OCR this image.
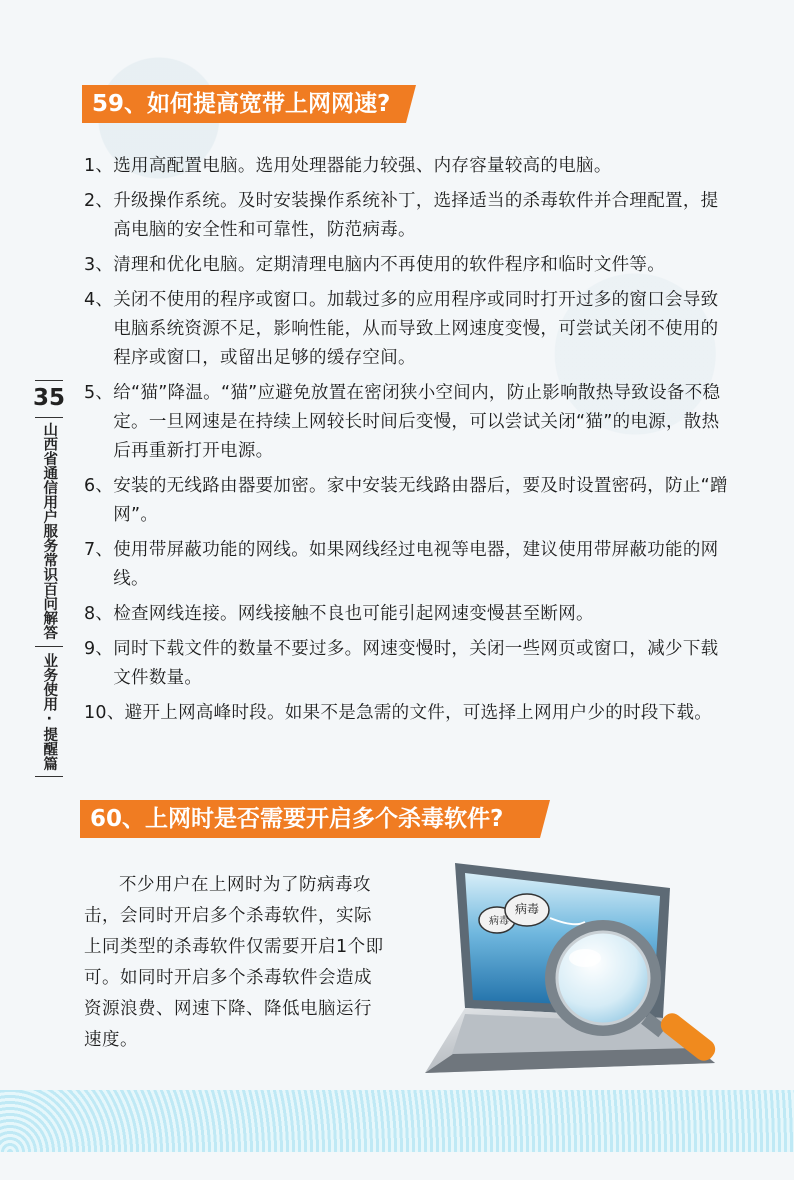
35
山西省通信用户服务常识百问解答
业务使用·提醒篇
59、如何提高宽带上网网速?
1、 选用高配置电脑。选用处理器能力较强、内存容量较高的电脑。
2、 升级操作系统。及时安装操作系统补丁，选择适当的杀毒软件并合理配置，提高电脑的安全性和可靠性，防范病毒。
3、 清理和优化电脑。定期清理电脑内不再使用的软件程序和临时文件等。
4、 关闭不使用的程序或窗口。加载过多的应用程序或同时打开过多的窗口会导致电脑系统资源不足，影响性能，从而导致上网速度变慢，可尝试关闭不使用的程序或窗口，或留出足够的缓存空间。
5、 给“猫”降温。“猫”应避免放置在密闭狭小空间内，防止影响散热导致设备不稳定。一旦网速是在持续上网较长时间后变慢，可以尝试关闭“猫”的电源，散热后再重新打开电源。
6、 安装的无线路由器要加密。家中安装无线路由器后，要及时设置密码，防止“蹭网”。
7、 使用带屏蔽功能的网线。如果网线经过电视等电器，建议使用带屏蔽功能的网线。
8、 检查网线连接。网线接触不良也可能引起网速变慢甚至断网。
9、 同时下载文件的数量不要过多。网速变慢时，关闭一些网页或窗口，减少下载文件数量。
10、 避开上网高峰时段。如果不是急需的文件，可选择上网用户少的时段下载。
60、上网时是否需要开启多个杀毒软件?
不少用户在上网时为了防病毒攻击，会同时开启多个杀毒软件，实际上同类型的杀毒软件仅需要开启1个即可。如同时开启多个杀毒软件会造成资源浪费、网速下降、降低电脑运行速度。
病毒
病毒
